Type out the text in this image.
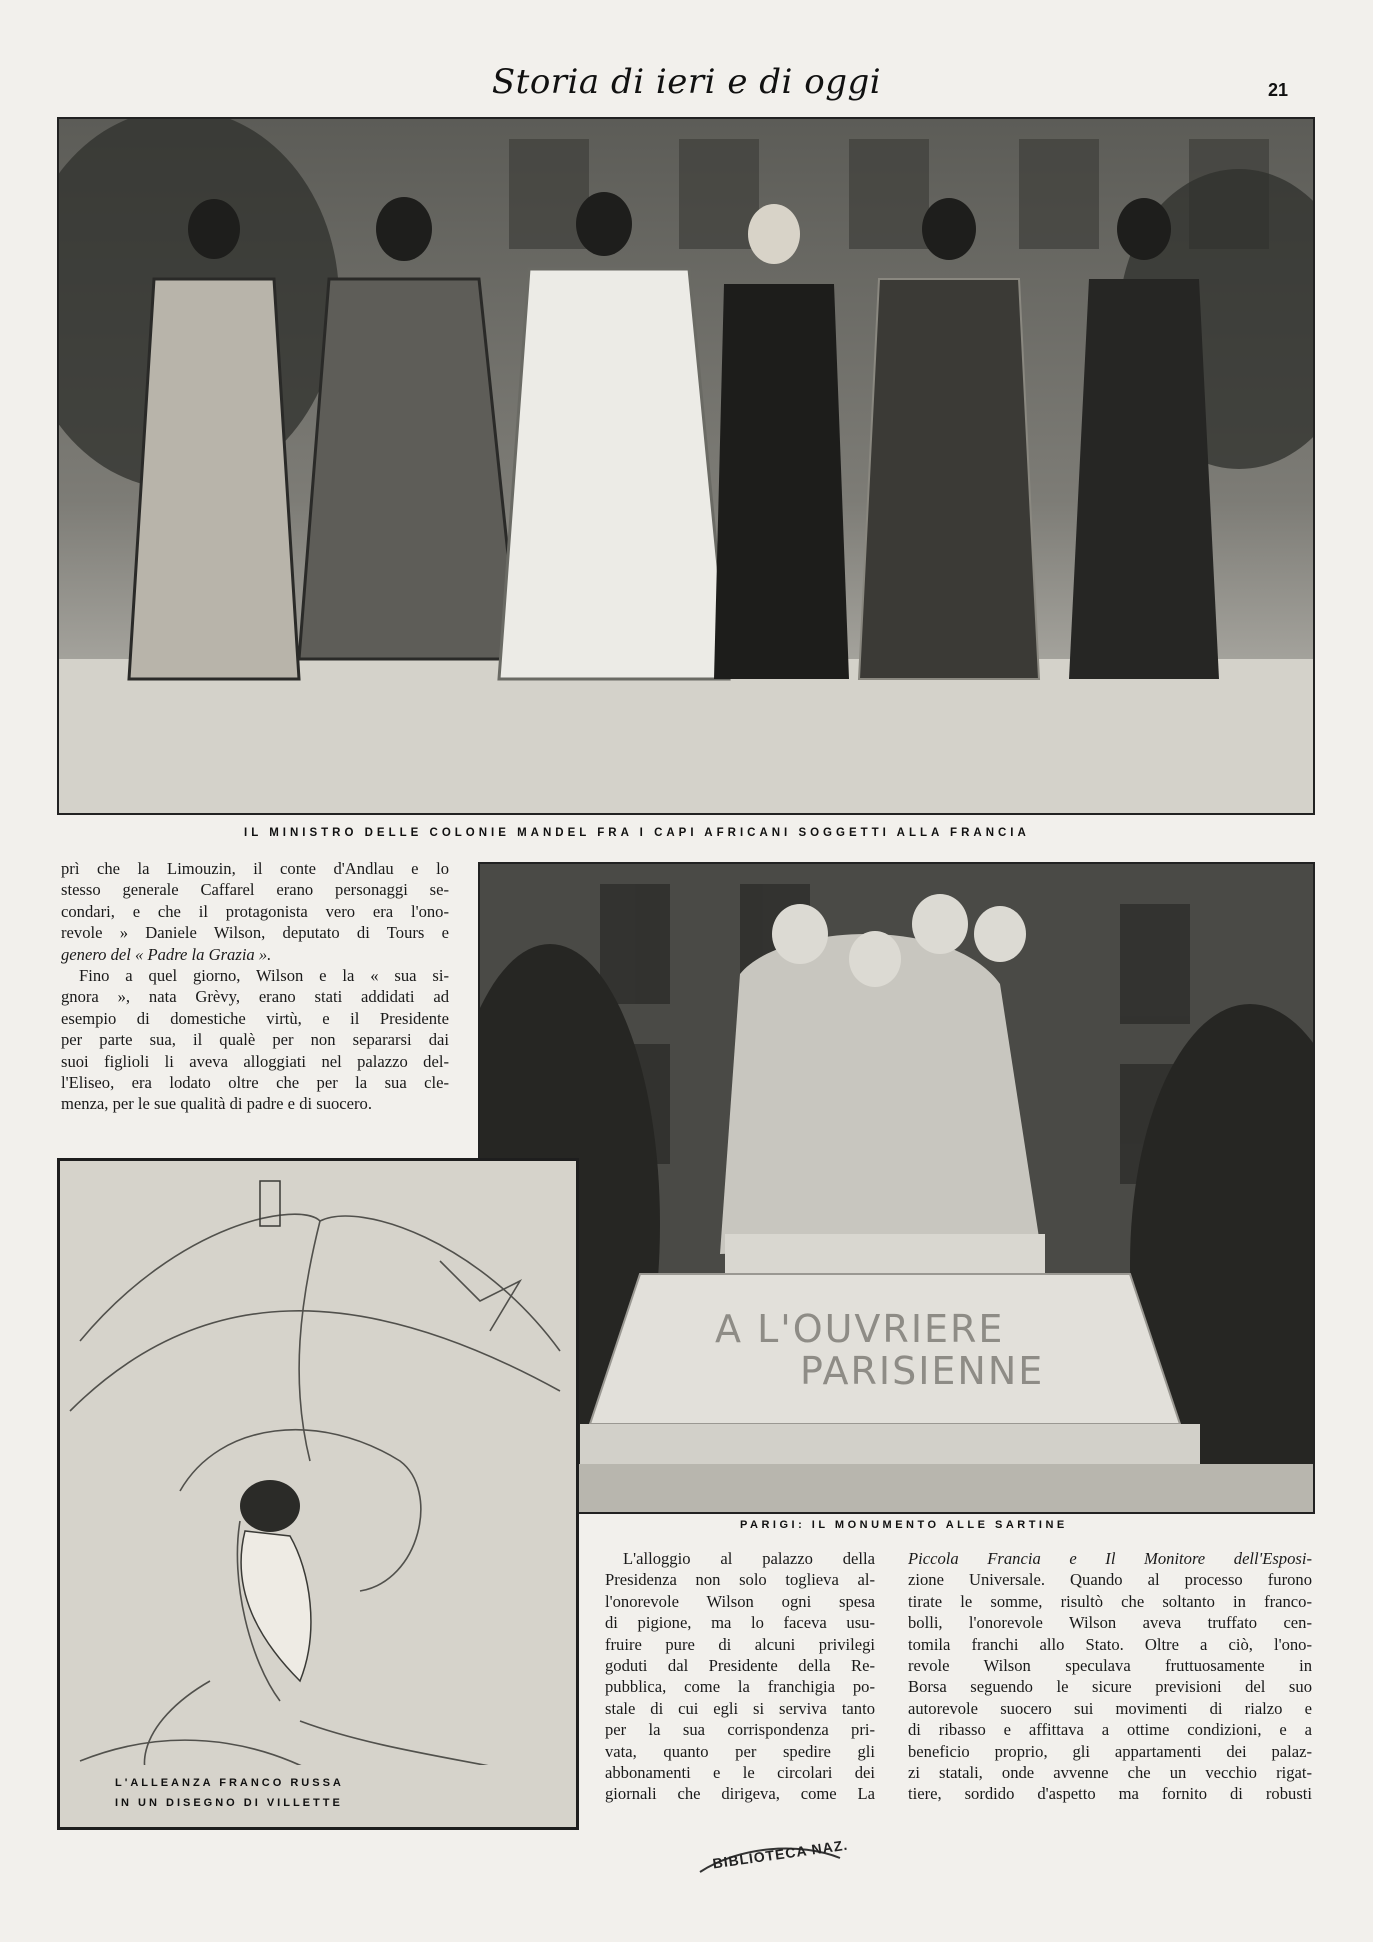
Storia di ieri e di oggi	21
IL MINISTRO DELLE COLONIE MANDEL FRA I CAPI AFRICANI SOGGETTI ALLA FRANCIA
prì che la Limouzin, il conte d'Andlau e lo
stesso generale Caffarel erano personaggi se-
condari, e che il protagonista vero era l'ono-
revole » Daniele Wilson, deputato di Tours e
genero del « Padre la Grazia ».
Fino a quel giorno, Wilson e la « sua si-
gnora », nata Grèvy, erano stati addidati ad
esempio di domestiche virtù, e il Presidente
per parte sua, il qualè per non separarsi dai
suoi figlioli li aveva alloggiati nel palazzo del-
l'Eliseo, era lodato oltre che per la sua cle-
menza, per le sue qualità di padre e di suocero.
A L'OUVRIERE
PARISIENNE
L'ALLEANZA FRANCO RUSSA
IN UN DISEGNO DI VILLETTE
PARIGI: IL MONUMENTO ALLE SARTINE
L'alloggio al palazzo della
Presidenza non solo toglieva al-
l'onorevole Wilson ogni spesa
di pigione, ma lo faceva usu-
fruire pure di alcuni privilegi
goduti dal Presidente della Re-
pubblica, come la franchigia po-
stale di cui egli si serviva tanto
per la sua corrispondenza pri-
vata, quanto per spedire gli
abbonamenti e le circolari dei
giornali che dirigeva, come La
Piccola Francia e Il Monitore dell'Esposi-
zione Universale. Quando al processo furono
tirate le somme, risultò che soltanto in franco-
bolli, l'onorevole Wilson aveva truffato cen-
tomila franchi allo Stato. Oltre a ciò, l'ono-
revole Wilson speculava fruttuosamente in
Borsa seguendo le sicure previsioni del suo
autorevole suocero sui movimenti di rialzo e
di ribasso e affittava a ottime condizioni, e a
beneficio proprio, gli appartamenti dei palaz-
zi statali, onde avvenne che un vecchio rigat-
tiere, sordido d'aspetto ma fornito di robusti
BIBLIOTECA NAZ.
